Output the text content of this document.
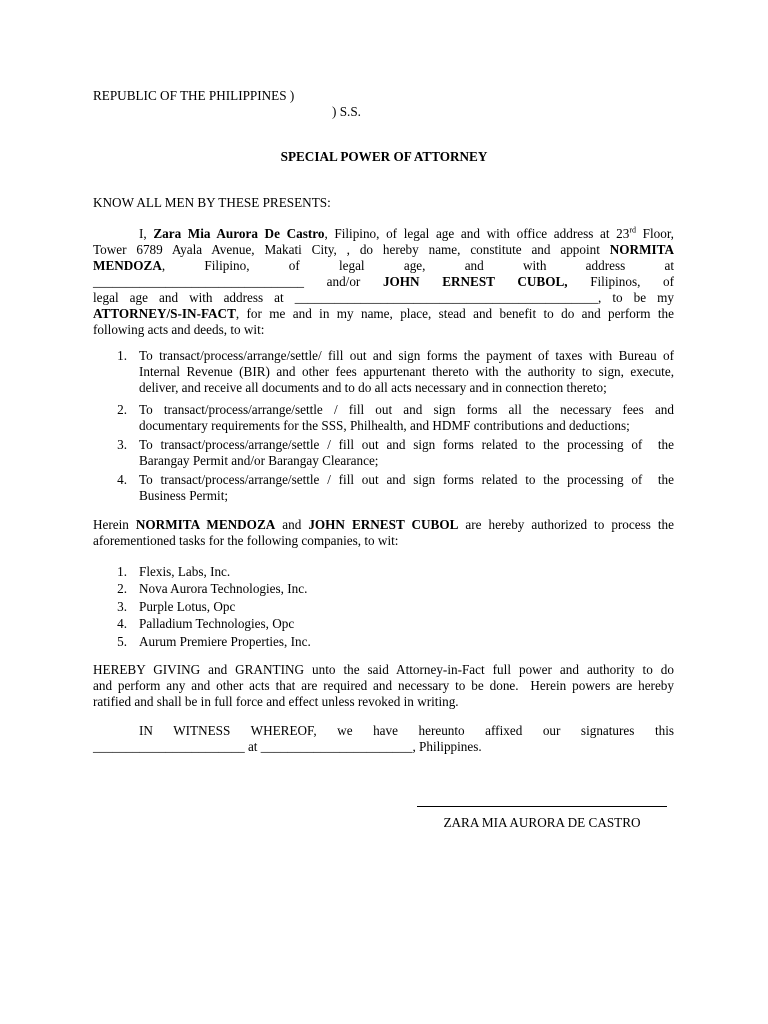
REPUBLIC OF THE PHILIPPINES )
) S.S.
SPECIAL POWER OF ATTORNEY
KNOW ALL MEN BY THESE PRESENTS:
I, Zara Mia Aurora De Castro, Filipino, of legal age and with office address at 23rd Floor,
Tower 6789 Ayala Avenue, Makati City, , do hereby name, constitute and appoint NORMITA
MENDOZA,   Filipino,   of   legal   age,   and   with   address   at
________________________________ and/or JOHN ERNEST CUBOL, Filipinos, of
legal age and with address at ______________________________________________, to be my
ATTORNEY/S-IN-FACT, for me and in my name, place, stead and benefit to do and perform the
following acts and deeds, to wit:
1. To transact/process/arrange/settle/ fill out and sign forms the payment of taxes with Bureau of
Internal Revenue (BIR) and other fees appurtenant thereto with the authority to sign, execute,
deliver, and receive all documents and to do all acts necessary and in connection thereto;
2. To transact/process/arrange/settle / fill out and sign forms all the necessary fees and
documentary requirements for the SSS, Philhealth, and HDMF contributions and deductions;
3. To transact/process/arrange/settle / fill out and sign forms related to the processing of  the
Barangay Permit and/or Barangay Clearance;
4. To transact/process/arrange/settle / fill out and sign forms related to the processing of  the
Business Permit;
Herein NORMITA MENDOZA and JOHN ERNEST CUBOL are hereby authorized to process the
aforementioned tasks for the following companies, to wit:
1. Flexis, Labs, Inc.
2. Nova Aurora Technologies, Inc.
3. Purple Lotus, Opc
4. Palladium Technologies, Opc
5. Aurum Premiere Properties, Inc.
HEREBY GIVING and GRANTING unto the said Attorney-in-Fact full power and authority to do
and perform any and other acts that are required and necessary to be done.  Herein powers are hereby
ratified and shall be in full force and effect unless revoked in writing.
IN   WITNESS   WHEREOF,   we   have   hereunto   affixed   our   signatures   this
_______________________ at _______________________, Philippines.
ZARA MIA AURORA DE CASTRO
